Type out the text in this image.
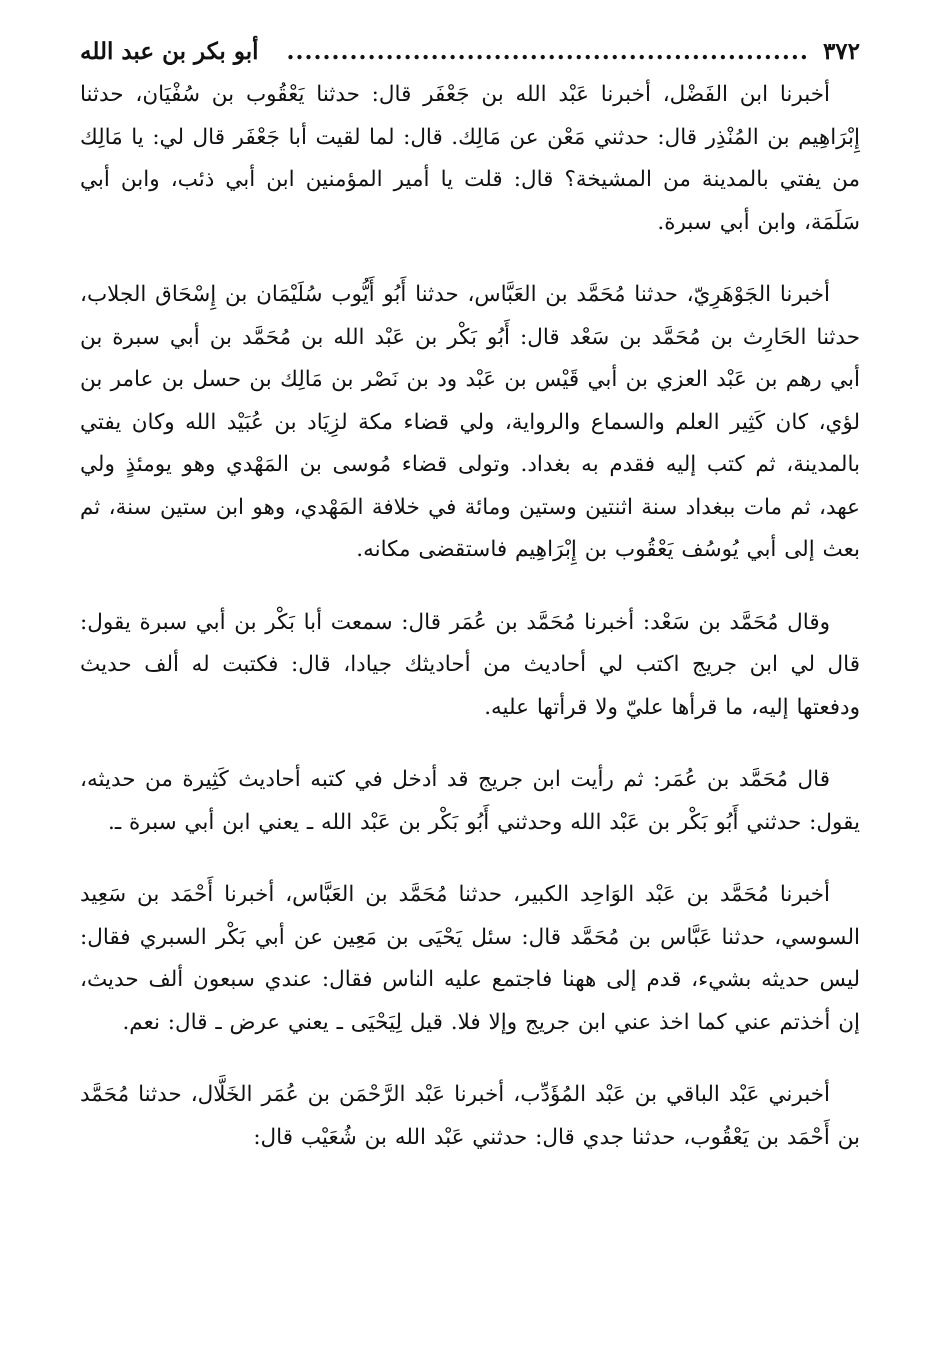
٣٧٢
..........................................................
أبو بكر بن عبد الله

أخبرنا ابن الفَضْل، أخبرنا عَبْد الله بن جَعْفَر قال: حدثنا يَعْقُوب بن سُفْيَان، حدثنا إِبْرَاهِيم بن المُنْذِر قال: حدثني مَعْن عن مَالِك. قال: لما لقيت أبا جَعْفَر قال لي: يا مَالِك من يفتي بالمدينة من المشيخة؟ قال: قلت يا أمير المؤمنين ابن أبي ذئب، وابن أبي سَلَمَة، وابن أبي سبرة.

أخبرنا الجَوْهَرِيّ، حدثنا مُحَمَّد بن العَبَّاس، حدثنا أَبُو أَيُّوب سُلَيْمَان بن إِسْحَاق الجلاب، حدثنا الحَارِث بن مُحَمَّد بن سَعْد قال: أَبُو بَكْر بن عَبْد الله بن مُحَمَّد بن أبي سبرة بن أبي رهم بن عَبْد العزي بن أبي قَيْس بن عَبْد ود بن نَصْر بن مَالِك بن حسل بن عامر بن لؤي، كان كَثِير العلم والسماع والرواية، ولي قضاء مكة لزِيَاد بن عُبَيْد الله وكان يفتي بالمدينة، ثم كتب إليه فقدم به بغداد. وتولى قضاء مُوسى بن المَهْدي وهو يومئذٍ ولي عهد، ثم مات ببغداد سنة اثنتين وستين ومائة في خلافة المَهْدي، وهو ابن ستين سنة، ثم بعث إلى أبي يُوسُف يَعْقُوب بن إِبْرَاهِيم فاستقضى مكانه.

وقال مُحَمَّد بن سَعْد: أخبرنا مُحَمَّد بن عُمَر قال: سمعت أبا بَكْر بن أبي سبرة يقول: قال لي ابن جريج اكتب لي أحاديث من أحاديثك جيادا، قال: فكتبت له ألف حديث ودفعتها إليه، ما قرأها عليّ ولا قرأتها عليه.

قال مُحَمَّد بن عُمَر: ثم رأيت ابن جريج قد أدخل في كتبه أحاديث كَثِيرة من حديثه، يقول: حدثني أَبُو بَكْر بن عَبْد الله وحدثني أَبُو بَكْر بن عَبْد الله ـ يعني ابن أبي سبرة ـ.

أخبرنا مُحَمَّد بن عَبْد الوَاحِد الكبير، حدثنا مُحَمَّد بن العَبَّاس، أخبرنا أَحْمَد بن سَعِيد السوسي، حدثنا عَبَّاس بن مُحَمَّد قال: سئل يَحْيَى بن مَعِين عن أبي بَكْر السبري فقال: ليس حديثه بشيء، قدم إلى ههنا فاجتمع عليه الناس فقال: عندي سبعون ألف حديث، إن أخذتم عني كما اخذ عني ابن جريج وإلا فلا. قيل لِيَحْيَى ـ يعني عرض ـ قال: نعم.

أخبرني عَبْد الباقي بن عَبْد المُؤَدِّب، أخبرنا عَبْد الرَّحْمَن بن عُمَر الخَلَّال، حدثنا مُحَمَّد بن أَحْمَد بن يَعْقُوب، حدثنا جدي قال: حدثني عَبْد الله بن شُعَيْب قال:
